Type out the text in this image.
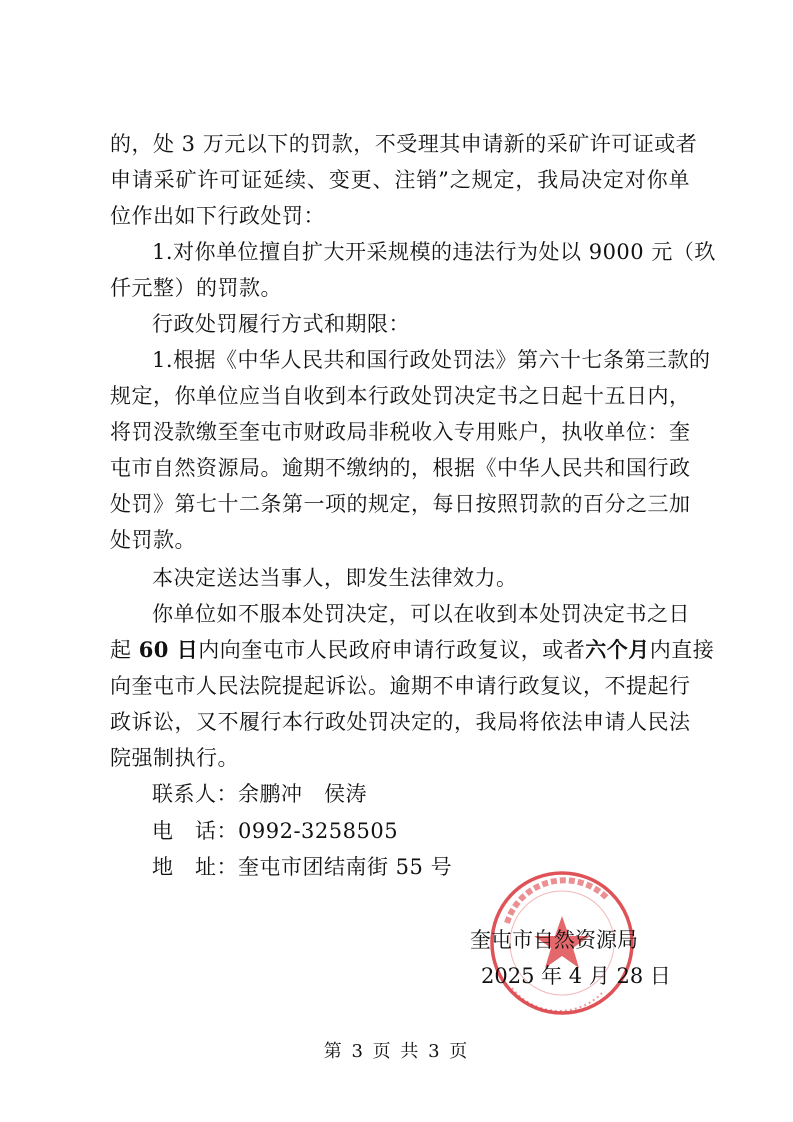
的，处 3 万元以下的罚款，不受理其申请新的采矿许可证或者
申请采矿许可证延续、变更、注销”之规定，我局决定对你单
位作出如下行政处罚：
1.对你单位擅自扩大开采规模的违法行为处以 9000 元（玖
仟元整）的罚款。
行政处罚履行方式和期限：
1.根据《中华人民共和国行政处罚法》第六十七条第三款的
规定，你单位应当自收到本行政处罚决定书之日起十五日内，
将罚没款缴至奎屯市财政局非税收入专用账户，执收单位：奎
屯市自然资源局。逾期不缴纳的，根据《中华人民共和国行政
处罚》第七十二条第一项的规定，每日按照罚款的百分之三加
处罚款。
本决定送达当事人，即发生法律效力。
你单位如不服本处罚决定，可以在收到本处罚决定书之日
起 60 日内向奎屯市人民政府申请行政复议，或者六个月内直接
向奎屯市人民法院提起诉讼。逾期不申请行政复议，不提起行
政诉讼，又不履行本行政处罚决定的，我局将依法申请人民法
院强制执行。
联系人：余鹏冲　侯涛
电　话：0992-3258505
地　址：奎屯市团结南街 55 号
奎屯市自然资源局
2025 年 4 月 28 日
第 3 页 共 3 页
